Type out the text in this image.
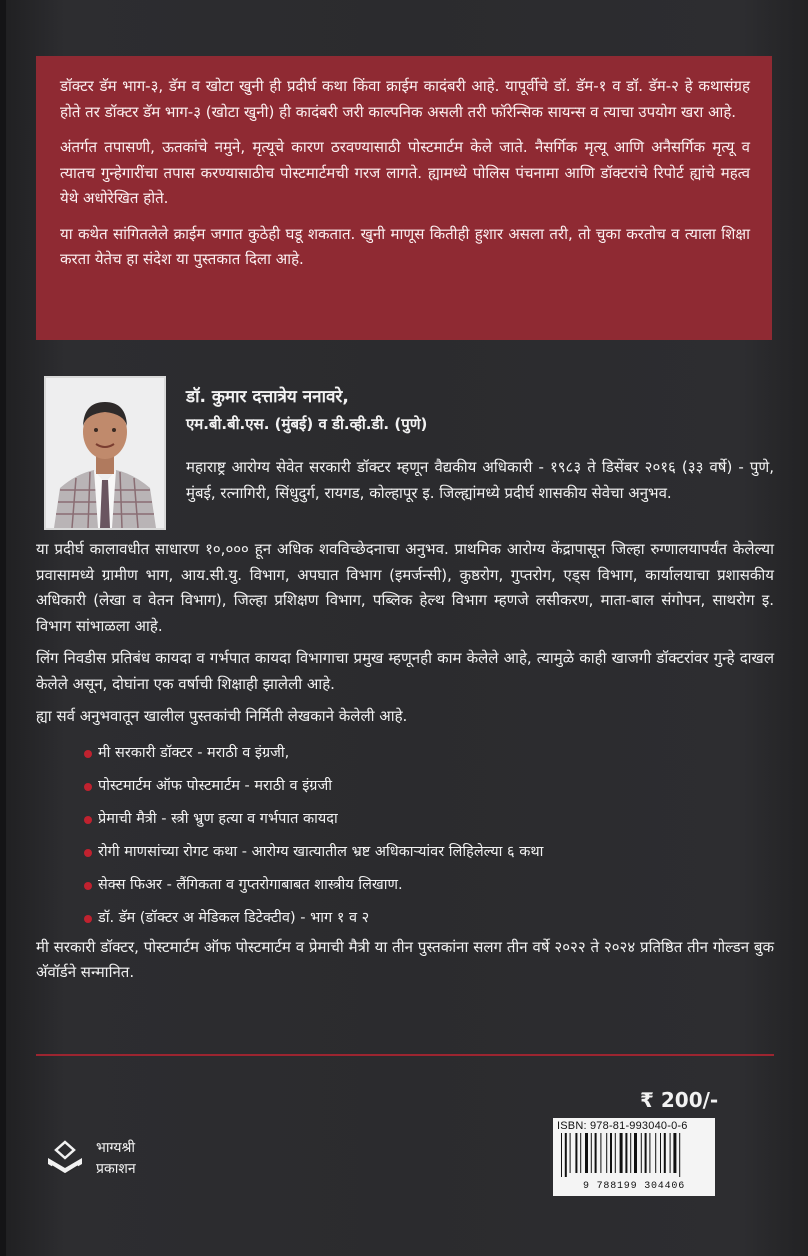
डॉक्टर डॅम भाग-३, डॅम व खोटा खुनी ही प्रदीर्घ कथा किंवा क्राईम कादंबरी आहे. यापूर्वीचे डॉ. डॅम-१ व डॉ. डॅम-२ हे कथासंग्रह होते तर डॉक्टर डॅम भाग-३ (खोटा खुनी) ही कादंबरी जरी काल्पनिक असली तरी फॉरेन्सिक सायन्स व त्याचा उपयोग खरा आहे.

अंतर्गत तपासणी, ऊतकांचे नमुने, मृत्यूचे कारण ठरवण्यासाठी पोस्टमार्टम केले जाते. नैसर्गिक मृत्यू आणि अनैसर्गिक मृत्यू व त्यातच गुन्हेगारींचा तपास करण्यासाठीच पोस्टमार्टमची गरज लागते. ह्यामध्ये पोलिस पंचनामा आणि डॉक्टरांचे रिपोर्ट ह्यांचे महत्व येथे अधोरेखित होते.

या कथेत सांगितलेले क्राईम जगात कुठेही घडू शकतात. खुनी माणूस कितीही हुशार असला तरी, तो चुका करतोच व त्याला शिक्षा करता येतेच हा संदेश या पुस्तकात दिला आहे.

डॉ. कुमार दत्तात्रेय ननावरे,
एम.बी.बी.एस. (मुंबई) व डी.व्ही.डी. (पुणे)
महाराष्ट्र आरोग्य सेवेत सरकारी डॉक्टर म्हणून वैद्यकीय अधिकारी - १९८३ ते डिसेंबर २०१६ (३३ वर्षे) - पुणे, मुंबई, रत्नागिरी, सिंधुदुर्ग, रायगड, कोल्हापूर इ. जिल्ह्यांमध्ये प्रदीर्घ शासकीय सेवेचा अनुभव.

या प्रदीर्घ कालावधीत साधारण १०,००० हून अधिक शवविच्छेदनाचा अनुभव. प्राथमिक आरोग्य केंद्रापासून जिल्हा रुग्णालयापर्यंत केलेल्या प्रवासामध्ये ग्रामीण भाग, आय.सी.यु. विभाग, अपघात विभाग (इमर्जन्सी), कुष्ठरोग, गुप्तरोग, एड्स विभाग, कार्यालयाचा प्रशासकीय अधिकारी (लेखा व वेतन विभाग), जिल्हा प्रशिक्षण विभाग, पब्लिक हेल्थ विभाग म्हणजे लसीकरण, माता-बाल संगोपन, साथरोग इ. विभाग सांभाळला आहे.

लिंग निवडीस प्रतिबंध कायदा व गर्भपात कायदा विभागाचा प्रमुख म्हणूनही काम केलेले आहे, त्यामुळे काही खाजगी डॉक्टरांवर गुन्हे दाखल केलेले असून, दोघांना एक वर्षाची शिक्षाही झालेली आहे.

ह्या सर्व अनुभवातून खालील पुस्तकांची निर्मिती लेखकाने केलेली आहे.

मी सरकारी डॉक्टर - मराठी व इंग्रजी,
पोस्टमार्टम ऑफ पोस्टमार्टम - मराठी व इंग्रजी
प्रेमाची मैत्री - स्त्री भ्रुण हत्या व गर्भपात कायदा
रोगी माणसांच्या रोगट कथा - आरोग्य खात्यातील भ्रष्ट अधिकार्‍यांवर लिहिलेल्या ६ कथा
सेक्स फिअर - लैंगिकता व गुप्तरोगाबाबत शास्त्रीय लिखाण.
डॉ. डॅम (डॉक्टर अ मेडिकल डिटेक्टीव) - भाग १ व २

मी सरकारी डॉक्टर, पोस्टमार्टम ऑफ पोस्टमार्टम व प्रेमाची मैत्री या तीन पुस्तकांना सलग तीन वर्षे २०२२ ते २०२४ प्रतिष्ठित तीन गोल्डन बुक अ‍ॅवॉर्डने सन्मानित.

₹ 200/-
ISBN: 978-81-993040-0-6
9 788199 304406
भाग्यश्री
प्रकाशन
